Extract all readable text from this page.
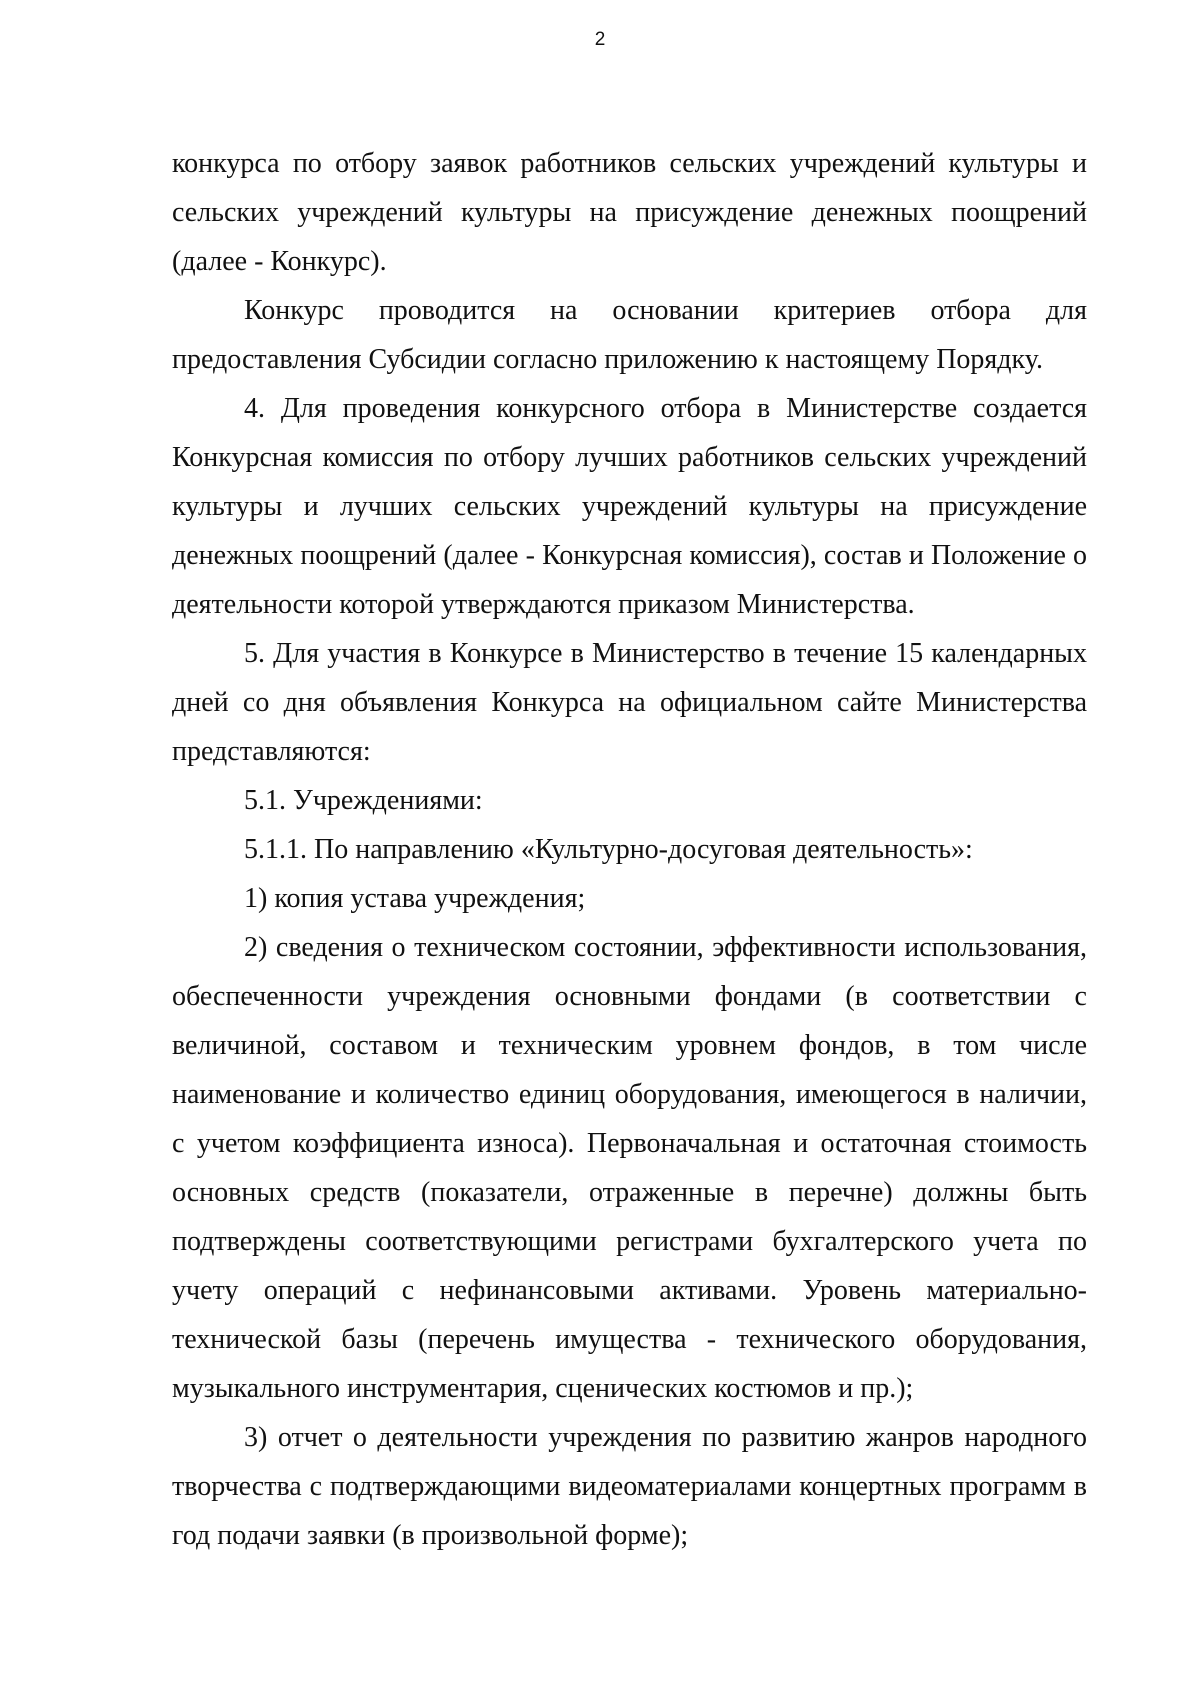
2

конкурса по отбору заявок работников сельских учреждений культуры и сельских учреждений культуры на присуждение денежных поощрений (далее - Конкурс).

Конкурс проводится на основании критериев отбора для предоставления Субсидии согласно приложению к настоящему Порядку.

4. Для проведения конкурсного отбора в Министерстве создается Конкурсная комиссия по отбору лучших работников сельских учреждений культуры и лучших сельских учреждений культуры на присуждение денежных поощрений (далее - Конкурсная комиссия), состав и Положение о деятельности которой утверждаются приказом Министерства.

5. Для участия в Конкурсе в Министерство в течение 15 календарных дней со дня объявления Конкурса на официальном сайте Министерства представляются:

5.1. Учреждениями:

5.1.1. По направлению «Культурно-досуговая деятельность»:

1) копия устава учреждения;

2) сведения о техническом состоянии, эффективности использования, обеспеченности учреждения основными фондами (в соответствии с величиной, составом и техническим уровнем фондов, в том числе наименование и количество единиц оборудования, имеющегося в наличии, с учетом коэффициента износа). Первоначальная и остаточная стоимость основных средств (показатели, отраженные в перечне) должны быть подтверждены соответствующими регистрами бухгалтерского учета по учету операций с нефинансовыми активами. Уровень материально-технической базы (перечень имущества - технического оборудования, музыкального инструментария, сценических костюмов и пр.);

3) отчет о деятельности учреждения по развитию жанров народного творчества с подтверждающими видеоматериалами концертных программ в год подачи заявки (в произвольной форме);
